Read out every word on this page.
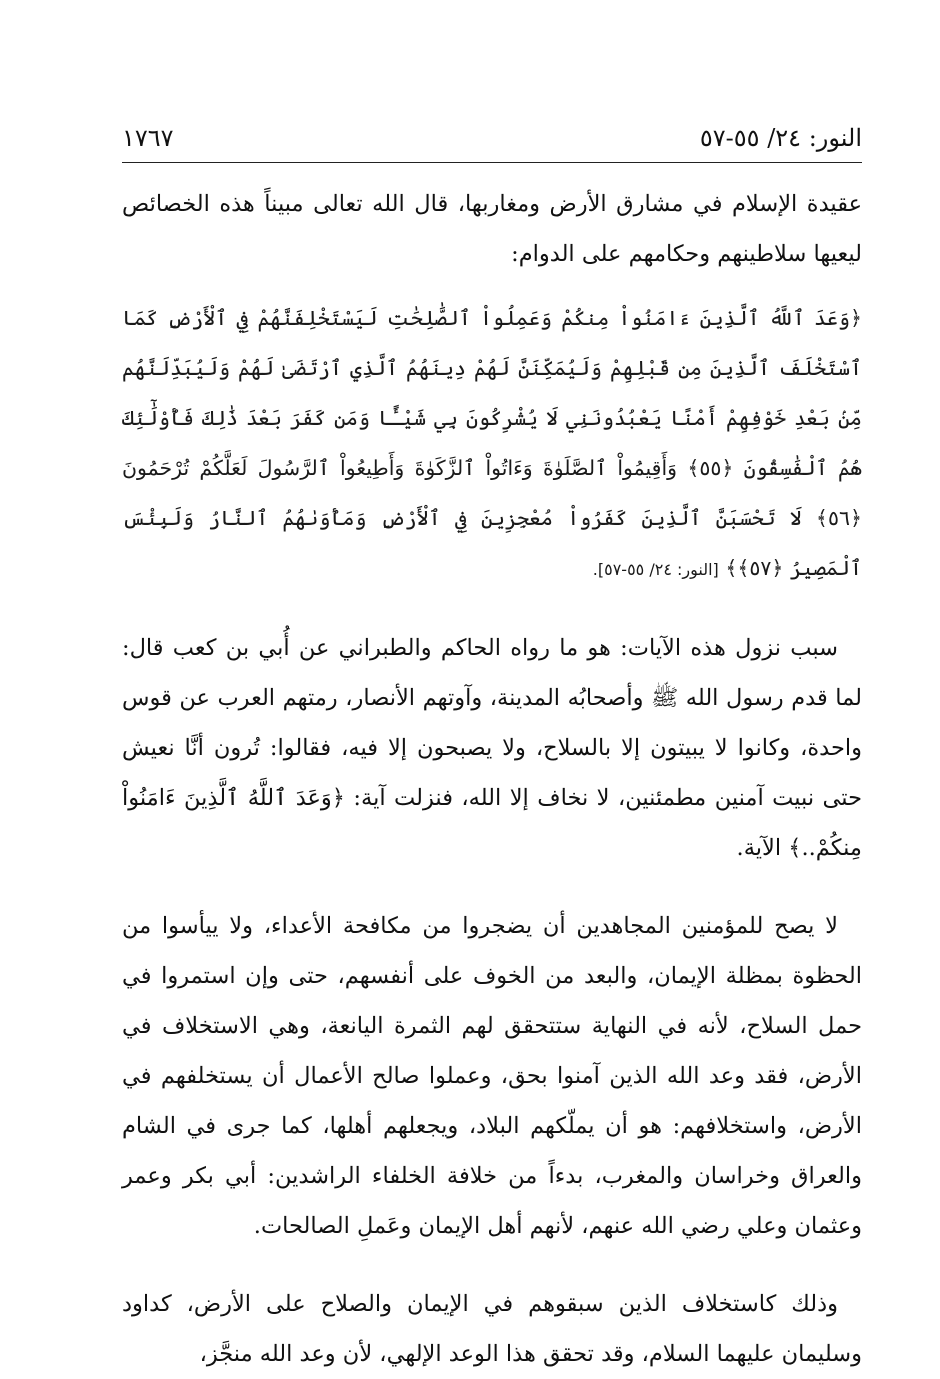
النور: ٢٤/ ٥٥-٥٧
١٧٦٧

عقيدة الإسلام في مشارق الأرض ومغاربها، قال الله تعالى مبيناً هذه الخصائص ليعيها سلاطينهم وحكامهم على الدوام:

﴿وَعَدَ ٱللَّهُ ٱلَّذِينَ ءَامَنُواْ مِنكُمْ وَعَمِلُواْ ٱلصَّٰلِحَٰتِ لَيَسْتَخْلِفَنَّهُمْ فِي ٱلْأَرْضِ كَمَا ٱسْتَخْلَفَ ٱلَّذِينَ مِن قَبْلِهِمْ وَلَيُمَكِّنَنَّ لَهُمْ دِينَهُمُ ٱلَّذِي ٱرْتَضَىٰ لَهُمْ وَلَيُبَدِّلَنَّهُم مِّنۢ بَعْدِ خَوْفِهِمْ أَمْنًا يَعْبُدُونَنِي لَا يُشْرِكُونَ بِي شَيْـًٔا وَمَن كَفَرَ بَعْدَ ذَٰلِكَ فَأُوْلَٰٓئِكَ هُمُ ٱلْفَٰسِقُونَ ﴿٥٥﴾ وَأَقِيمُواْ ٱلصَّلَوٰةَ وَءَاتُواْ ٱلزَّكَوٰةَ وَأَطِيعُواْ ٱلرَّسُولَ لَعَلَّكُمْ تُرْحَمُونَ ﴿٥٦﴾ لَا تَحْسَبَنَّ ٱلَّذِينَ كَفَرُواْ مُعْجِزِينَ فِي ٱلْأَرْضِ وَمَأْوَىٰهُمُ ٱلنَّارُ وَلَبِئْسَ ٱلْمَصِيرُ ﴿٥٧﴾﴾ [النور: ٢٤/ ٥٥-٥٧].

سبب نزول هذه الآيات: هو ما رواه الحاكم والطبراني عن أُبي بن كعب قال: لما قدم رسول الله ﷺ وأصحابُه المدينة، وآوتهم الأنصار، رمتهم العرب عن قوس واحدة، وكانوا لا يبيتون إلا بالسلاح، ولا يصبحون إلا فيه، فقالوا: تُرون أنَّا نعيش حتى نبيت آمنين مطمئنين، لا نخاف إلا الله، فنزلت آية: ﴿وَعَدَ ٱللَّهُ ٱلَّذِينَ ءَامَنُواْ مِنكُمْ..﴾ الآية.

لا يصح للمؤمنين المجاهدين أن يضجروا من مكافحة الأعداء، ولا ييأسوا من الحظوة بمظلة الإيمان، والبعد من الخوف على أنفسهم، حتى وإن استمروا في حمل السلاح، لأنه في النهاية ستتحقق لهم الثمرة اليانعة، وهي الاستخلاف في الأرض، فقد وعد الله الذين آمنوا بحق، وعملوا صالح الأعمال أن يستخلفهم في الأرض، واستخلافهم: هو أن يملّكهم البلاد، ويجعلهم أهلها، كما جرى في الشام والعراق وخراسان والمغرب، بدءاً من خلافة الخلفاء الراشدين: أبي بكر وعمر وعثمان وعلي رضي الله عنهم، لأنهم أهل الإيمان وعَملِ الصالحات.

وذلك كاستخلاف الذين سبقوهم في الإيمان والصلاح على الأرض، كداود وسليمان عليهما السلام، وقد تحقق هذا الوعد الإلهي، لأن وعد الله منجَّز،
